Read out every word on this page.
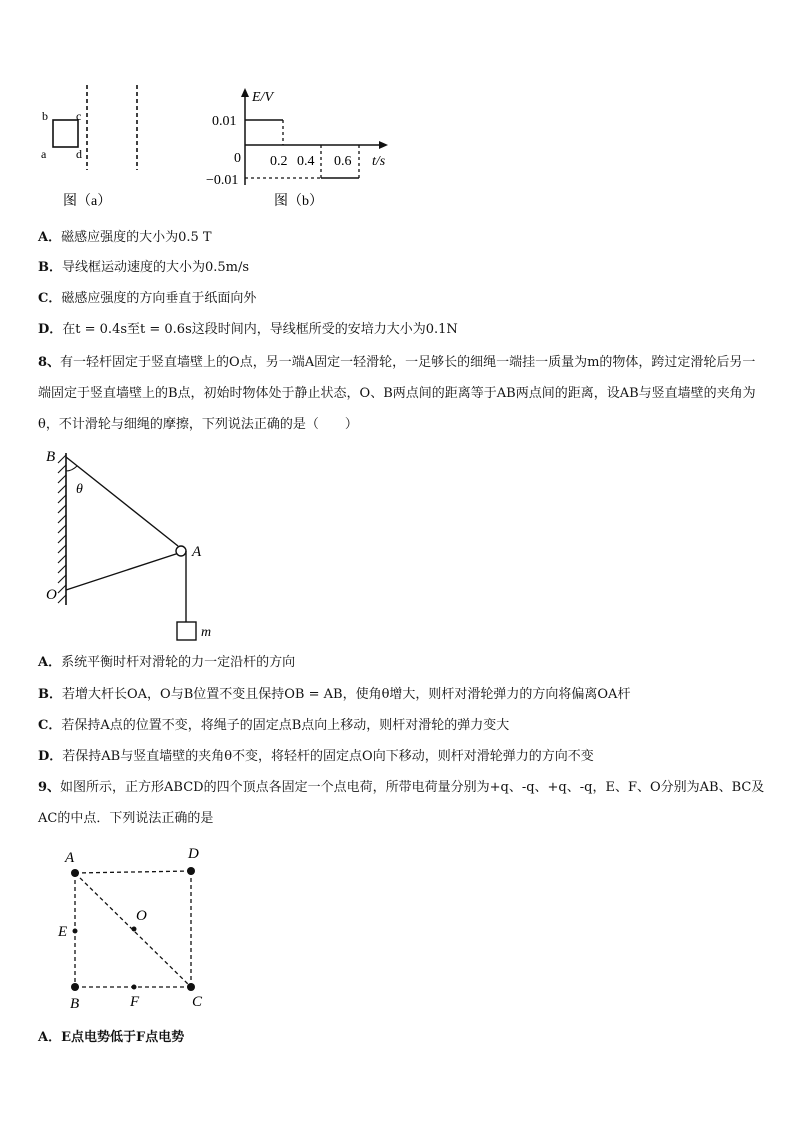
b c
a d
图（a）
E/V
t/s
0.01
−0.01
0 0.2 0.4 0.6
图（b）
A．磁感应强度的大小为0.5 T
B．导线框运动速度的大小为0.5m/s
C．磁感应强度的方向垂直于纸面向外
D．在t = 0.4s至t = 0.6s这段时间内，导线框所受的安培力大小为0.1N
8、有一轻杆固定于竖直墙壁上的O点，另一端A固定一轻滑轮，一足够长的细绳一端挂一质量为m的物体，跨过定滑轮后另一端固定于竖直墙壁上的B点，初始时物体处于静止状态，O、B两点间的距离等于AB两点间的距离，设AB与竖直墙壁的夹角为θ，不计滑轮与细绳的摩擦，下列说法正确的是（　　）
B
θ
A
O
m
A．系统平衡时杆对滑轮的力一定沿杆的方向
B．若增大杆长OA，O与B位置不变且保持OB = AB，使角θ增大，则杆对滑轮弹力的方向将偏离OA杆
C．若保持A点的位置不变，将绳子的固定点B点向上移动，则杆对滑轮的弹力变大
D．若保持AB与竖直墙壁的夹角θ不变，将轻杆的固定点O向下移动，则杆对滑轮弹力的方向不变
9、如图所示，正方形ABCD的四个顶点各固定一个点电荷，所带电荷量分别为+q、-q、+q、-q，E、F、O分别为AB、BC及AC的中点．下列说法正确的是
A	D
O
E
B	F	C
A．E点电势低于F点电势
